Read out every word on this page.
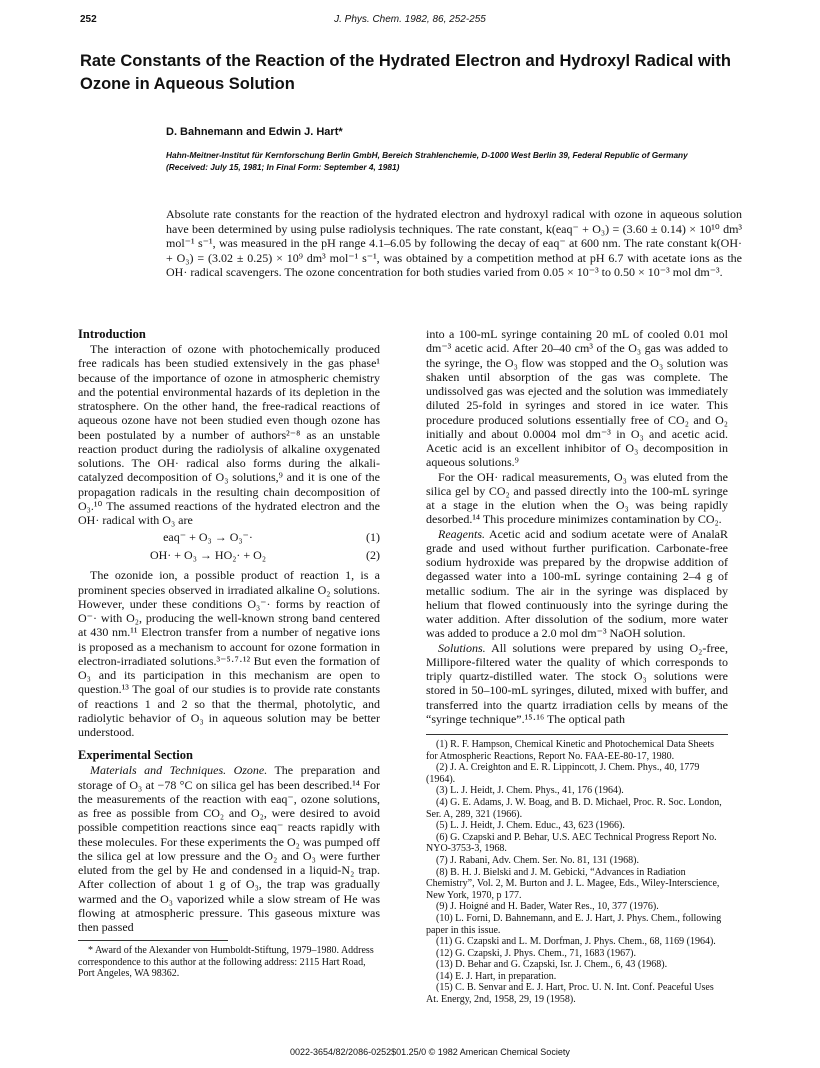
J. Phys. Chem. 1982, 86, 252-255
252
Rate Constants of the Reaction of the Hydrated Electron and Hydroxyl Radical with Ozone in Aqueous Solution
D. Bahnemann and Edwin J. Hart*
Hahn-Meitner-Institut für Kernforschung Berlin GmbH, Bereich Strahlenchemie, D-1000 West Berlin 39, Federal Republic of Germany
(Received: July 15, 1981; In Final Form: September 4, 1981)
Absolute rate constants for the reaction of the hydrated electron and hydroxyl radical with ozone in aqueous solution have been determined by using pulse radiolysis techniques. The rate constant, k(eaq⁻ + O₃) = (3.60 ± 0.14) × 10¹⁰ dm³ mol⁻¹ s⁻¹, was measured in the pH range 4.1–6.05 by following the decay of eaq⁻ at 600 nm. The rate constant k(OH· + O₃) = (3.02 ± 0.25) × 10⁹ dm³ mol⁻¹ s⁻¹, was obtained by a competition method at pH 6.7 with acetate ions as the OH· radical scavengers. The ozone concentration for both studies varied from 0.05 × 10⁻³ to 0.50 × 10⁻³ mol dm⁻³.
Introduction

The interaction of ozone with photochemically produced free radicals has been studied extensively in the gas phase¹ because of the importance of ozone in atmospheric chemistry and the potential environmental hazards of its depletion in the stratosphere. On the other hand, the free-radical reactions of aqueous ozone have not been studied even though ozone has been postulated by a number of authors²⁻⁸ as an unstable reaction product during the radiolysis of alkaline oxygenated solutions. The OH· radical also forms during the alkali-catalyzed decomposition of O₃ solutions,⁹ and it is one of the propagation radicals in the resulting chain decomposition of O₃.¹⁰ The assumed reactions of the hydrated electron and the OH· radical with O₃ are

eaq⁻ + O₃ → O₃⁻·	(1)
OH· + O₃ → HO₂· + O₂	(2)

The ozonide ion, a possible product of reaction 1, is a prominent species observed in irradiated alkaline O₂ solutions. However, under these conditions O₃⁻· forms by reaction of O⁻· with O₂, producing the well-known strong band centered at 430 nm.¹¹ Electron transfer from a number of negative ions is proposed as a mechanism to account for ozone formation in electron-irradiated solutions.³⁻⁵·⁷·¹² But even the formation of O₃ and its participation in this mechanism are open to question.¹³ The goal of our studies is to provide rate constants of reactions 1 and 2 so that the thermal, photolytic, and radiolytic behavior of O₃ in aqueous solution may be better understood.

Experimental Section

Materials and Techniques. Ozone. The preparation and storage of O₃ at −78 °C on silica gel has been described.¹⁴ For the measurements of the reaction with eaq⁻, ozone solutions, as free as possible from CO₂ and O₂, were desired to avoid possible competition reactions since eaq⁻ reacts rapidly with these molecules. For these experiments the O₂ was pumped off the silica gel at low pressure and the O₂ and O₃ were further eluted from the gel by He and condensed in a liquid-N₂ trap. After collection of about 1 g of O₃, the trap was gradually warmed and the O₃ vaporized while a slow stream of He was flowing at atmospheric pressure. This gaseous mixture was then passed

* Award of the Alexander von Humboldt-Stiftung, 1979–1980. Address correspondence to this author at the following address: 2115 Hart Road, Port Angeles, WA 98362.

into a 100-mL syringe containing 20 mL of cooled 0.01 mol dm⁻³ acetic acid. After 20–40 cm³ of the O₃ gas was added to the syringe, the O₃ flow was stopped and the O₃ solution was shaken until absorption of the gas was complete. The undissolved gas was ejected and the solution was immediately diluted 25-fold in syringes and stored in ice water. This procedure produced solutions essentially free of CO₂ and O₂ initially and about 0.0004 mol dm⁻³ in O₃ and acetic acid. Acetic acid is an excellent inhibitor of O₃ decomposition in aqueous solutions.⁹

For the OH· radical measurements, O₃ was eluted from the silica gel by CO₂ and passed directly into the 100-mL syringe at a stage in the elution when the O₃ was being rapidly desorbed.¹⁴ This procedure minimizes contamination by CO₂.

Reagents. Acetic acid and sodium acetate were of AnalaR grade and used without further purification. Carbonate-free sodium hydroxide was prepared by the dropwise addition of degassed water into a 100-mL syringe containing 2–4 g of metallic sodium. The air in the syringe was displaced by helium that flowed continuously into the syringe during the water addition. After dissolution of the sodium, more water was added to produce a 2.0 mol dm⁻³ NaOH solution.

Solutions. All solutions were prepared by using O₂-free, Millipore-filtered water the quality of which corresponds to triply quartz-distilled water. The stock O₃ solutions were stored in 50–100-mL syringes, diluted, mixed with buffer, and transferred into the quartz irradiation cells by means of the “syringe technique”.¹⁵·¹⁶ The optical path

(1) R. F. Hampson, Chemical Kinetic and Photochemical Data Sheets for Atmospheric Reactions, Report No. FAA-EE-80-17, 1980.

(2) J. A. Creighton and E. R. Lippincott, J. Chem. Phys., 40, 1779 (1964).

(3) L. J. Heidt, J. Chem. Phys., 41, 176 (1964).

(4) G. E. Adams, J. W. Boag, and B. D. Michael, Proc. R. Soc. London, Ser. A, 289, 321 (1966).

(5) L. J. Heidt, J. Chem. Educ., 43, 623 (1966).

(6) G. Czapski and P. Behar, U.S. AEC Technical Progress Report No. NYO-3753-3, 1968.

(7) J. Rabani, Adv. Chem. Ser. No. 81, 131 (1968).

(8) B. H. J. Bielski and J. M. Gebicki, “Advances in Radiation Chemistry”, Vol. 2, M. Burton and J. L. Magee, Eds., Wiley-Interscience, New York, 1970, p 177.

(9) J. Hoigné and H. Bader, Water Res., 10, 377 (1976).

(10) L. Forni, D. Bahnemann, and E. J. Hart, J. Phys. Chem., following paper in this issue.

(11) G. Czapski and L. M. Dorfman, J. Phys. Chem., 68, 1169 (1964).

(12) G. Czapski, J. Phys. Chem., 71, 1683 (1967).

(13) D. Behar and G. Czapski, Isr. J. Chem., 6, 43 (1968).

(14) E. J. Hart, in preparation.

(15) C. B. Senvar and E. J. Hart, Proc. U. N. Int. Conf. Peaceful Uses At. Energy, 2nd, 1958, 29, 19 (1958).

0022-3654/82/2086-0252$01.25/0 © 1982 American Chemical Society
